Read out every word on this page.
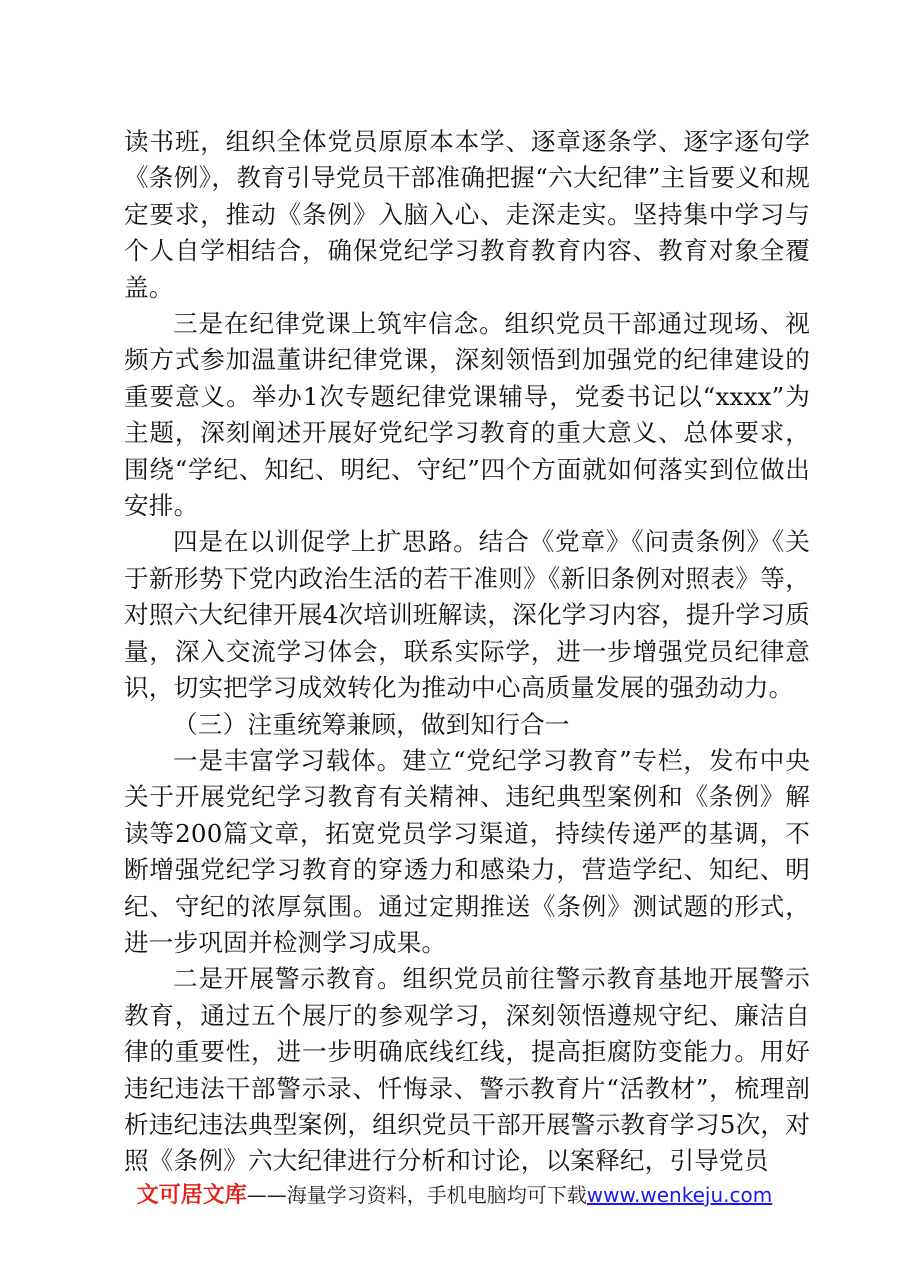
读书班，组织全体党员原原本本学、逐章逐条学、逐字逐句学《条例》，教育引导党员干部准确把握“六大纪律”主旨要义和规定要求，推动《条例》入脑入心、走深走实。坚持集中学习与个人自学相结合，确保党纪学习教育教育内容、教育对象全覆盖。

三是在纪律党课上筑牢信念。组织党员干部通过现场、视频方式参加温董讲纪律党课，深刻领悟到加强党的纪律建设的重要意义。举办1次专题纪律党课辅导，党委书记以“xxxx”为主题，深刻阐述开展好党纪学习教育的重大意义、总体要求，围绕“学纪、知纪、明纪、守纪”四个方面就如何落实到位做出安排。

四是在以训促学上扩思路。结合《党章》《问责条例》《关于新形势下党内政治生活的若干准则》《新旧条例对照表》等，对照六大纪律开展4次培训班解读，深化学习内容，提升学习质量，深入交流学习体会，联系实际学，进一步增强党员纪律意识，切实把学习成效转化为推动中心高质量发展的强劲动力。

（三）注重统筹兼顾，做到知行合一

一是丰富学习载体。建立“党纪学习教育”专栏，发布中央关于开展党纪学习教育有关精神、违纪典型案例和《条例》解读等200篇文章，拓宽党员学习渠道，持续传递严的基调，不断增强党纪学习教育的穿透力和感染力，营造学纪、知纪、明纪、守纪的浓厚氛围。通过定期推送《条例》测试题的形式，进一步巩固并检测学习成果。

二是开展警示教育。组织党员前往警示教育基地开展警示教育，通过五个展厅的参观学习，深刻领悟遵规守纪、廉洁自律的重要性，进一步明确底线红线，提高拒腐防变能力。用好违纪违法干部警示录、忏悔录、警示教育片“活教材”，梳理剖析违纪违法典型案例，组织党员干部开展警示教育学习5次，对照《条例》六大纪律进行分析和讨论，以案释纪，引导党员

文可居文库——海量学习资料，手机电脑均可下载www.wenkeju.com
